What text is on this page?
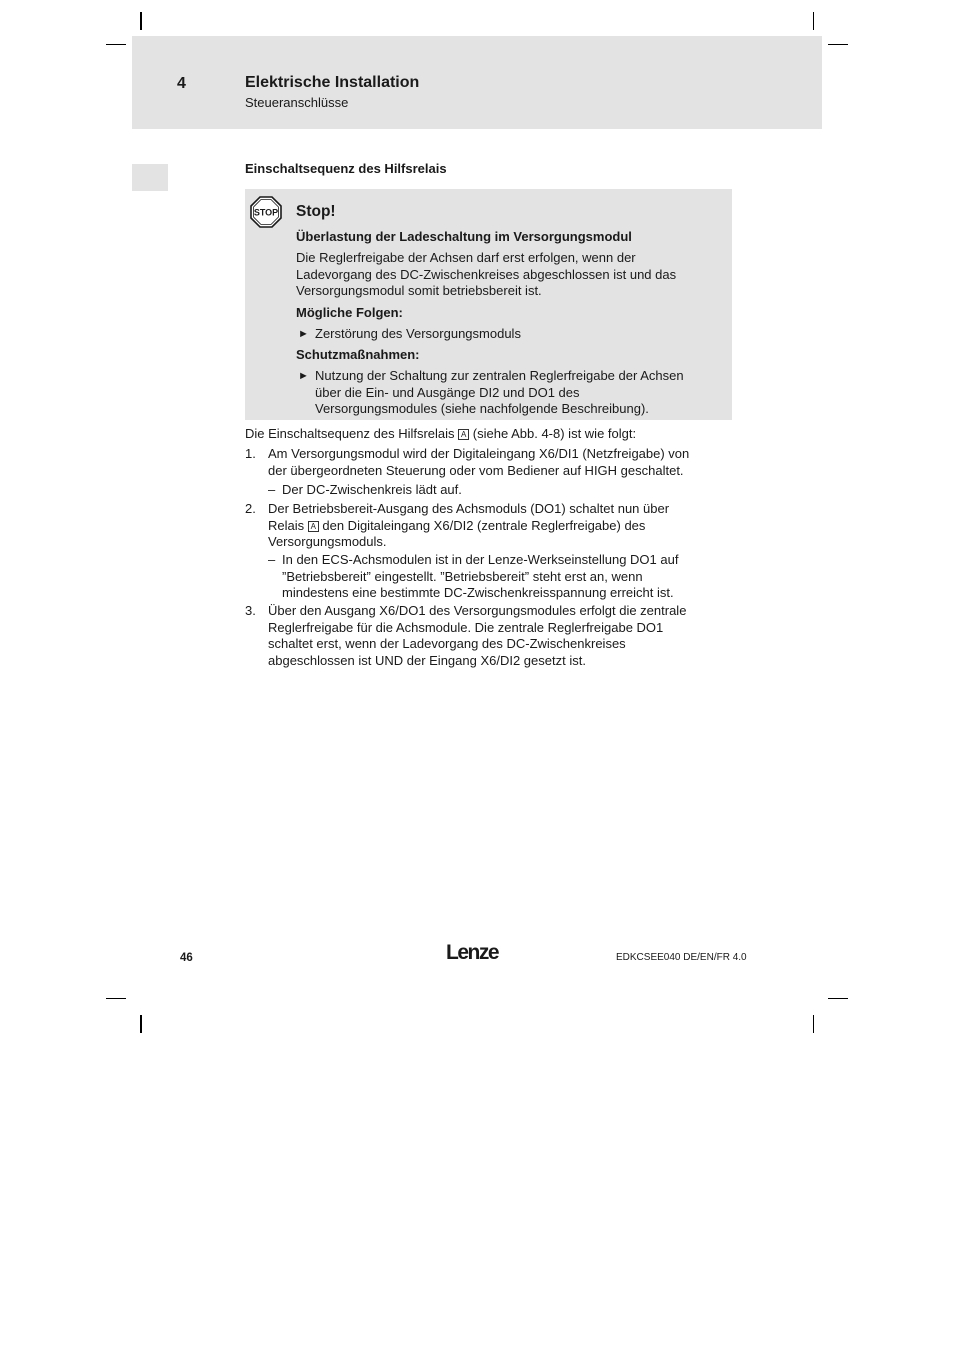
4	Elektrische Installation
Steueranschlüsse
Einschaltsequenz des Hilfsrelais
STOP Stop!
Überlastung der Ladeschaltung im Versorgungsmodul
Die Reglerfreigabe der Achsen darf erst erfolgen, wenn der
Ladevorgang des DC-Zwischenkreises abgeschlossen ist und das
Versorgungsmodul somit betriebsbereit ist.
Mögliche Folgen:
► Zerstörung des Versorgungsmoduls
Schutzmaßnahmen:
► Nutzung der Schaltung zur zentralen Reglerfreigabe der Achsen
über die Ein- und Ausgänge DI2 und DO1 des
Versorgungsmodules (siehe nachfolgende Beschreibung).
Die Einschaltsequenz des Hilfsrelais A (siehe Abb. 4-8) ist wie folgt:
1. Am Versorgungsmodul wird der Digitaleingang X6/DI1 (Netzfreigabe) von
der übergeordneten Steuerung oder vom Bediener auf HIGH geschaltet.
– Der DC-Zwischenkreis lädt auf.
2. Der Betriebsbereit-Ausgang des Achsmoduls (DO1) schaltet nun über
Relais A den Digitaleingang X6/DI2 (zentrale Reglerfreigabe) des
Versorgungsmoduls.
– In den ECS-Achsmodulen ist in der Lenze-Werkseinstellung DO1 auf
”Betriebsbereit” eingestellt. ”Betriebsbereit” steht erst an, wenn
mindestens eine bestimmte DC-Zwischenkreisspannung erreicht ist.
3. Über den Ausgang X6/DO1 des Versorgungsmodules erfolgt die zentrale
Reglerfreigabe für die Achsmodule. Die zentrale Reglerfreigabe DO1
schaltet erst, wenn der Ladevorgang des DC-Zwischenkreises
abgeschlossen ist UND der Eingang X6/DI2 gesetzt ist.
46	Lenze	EDKCSEE040 DE/EN/FR 4.0
